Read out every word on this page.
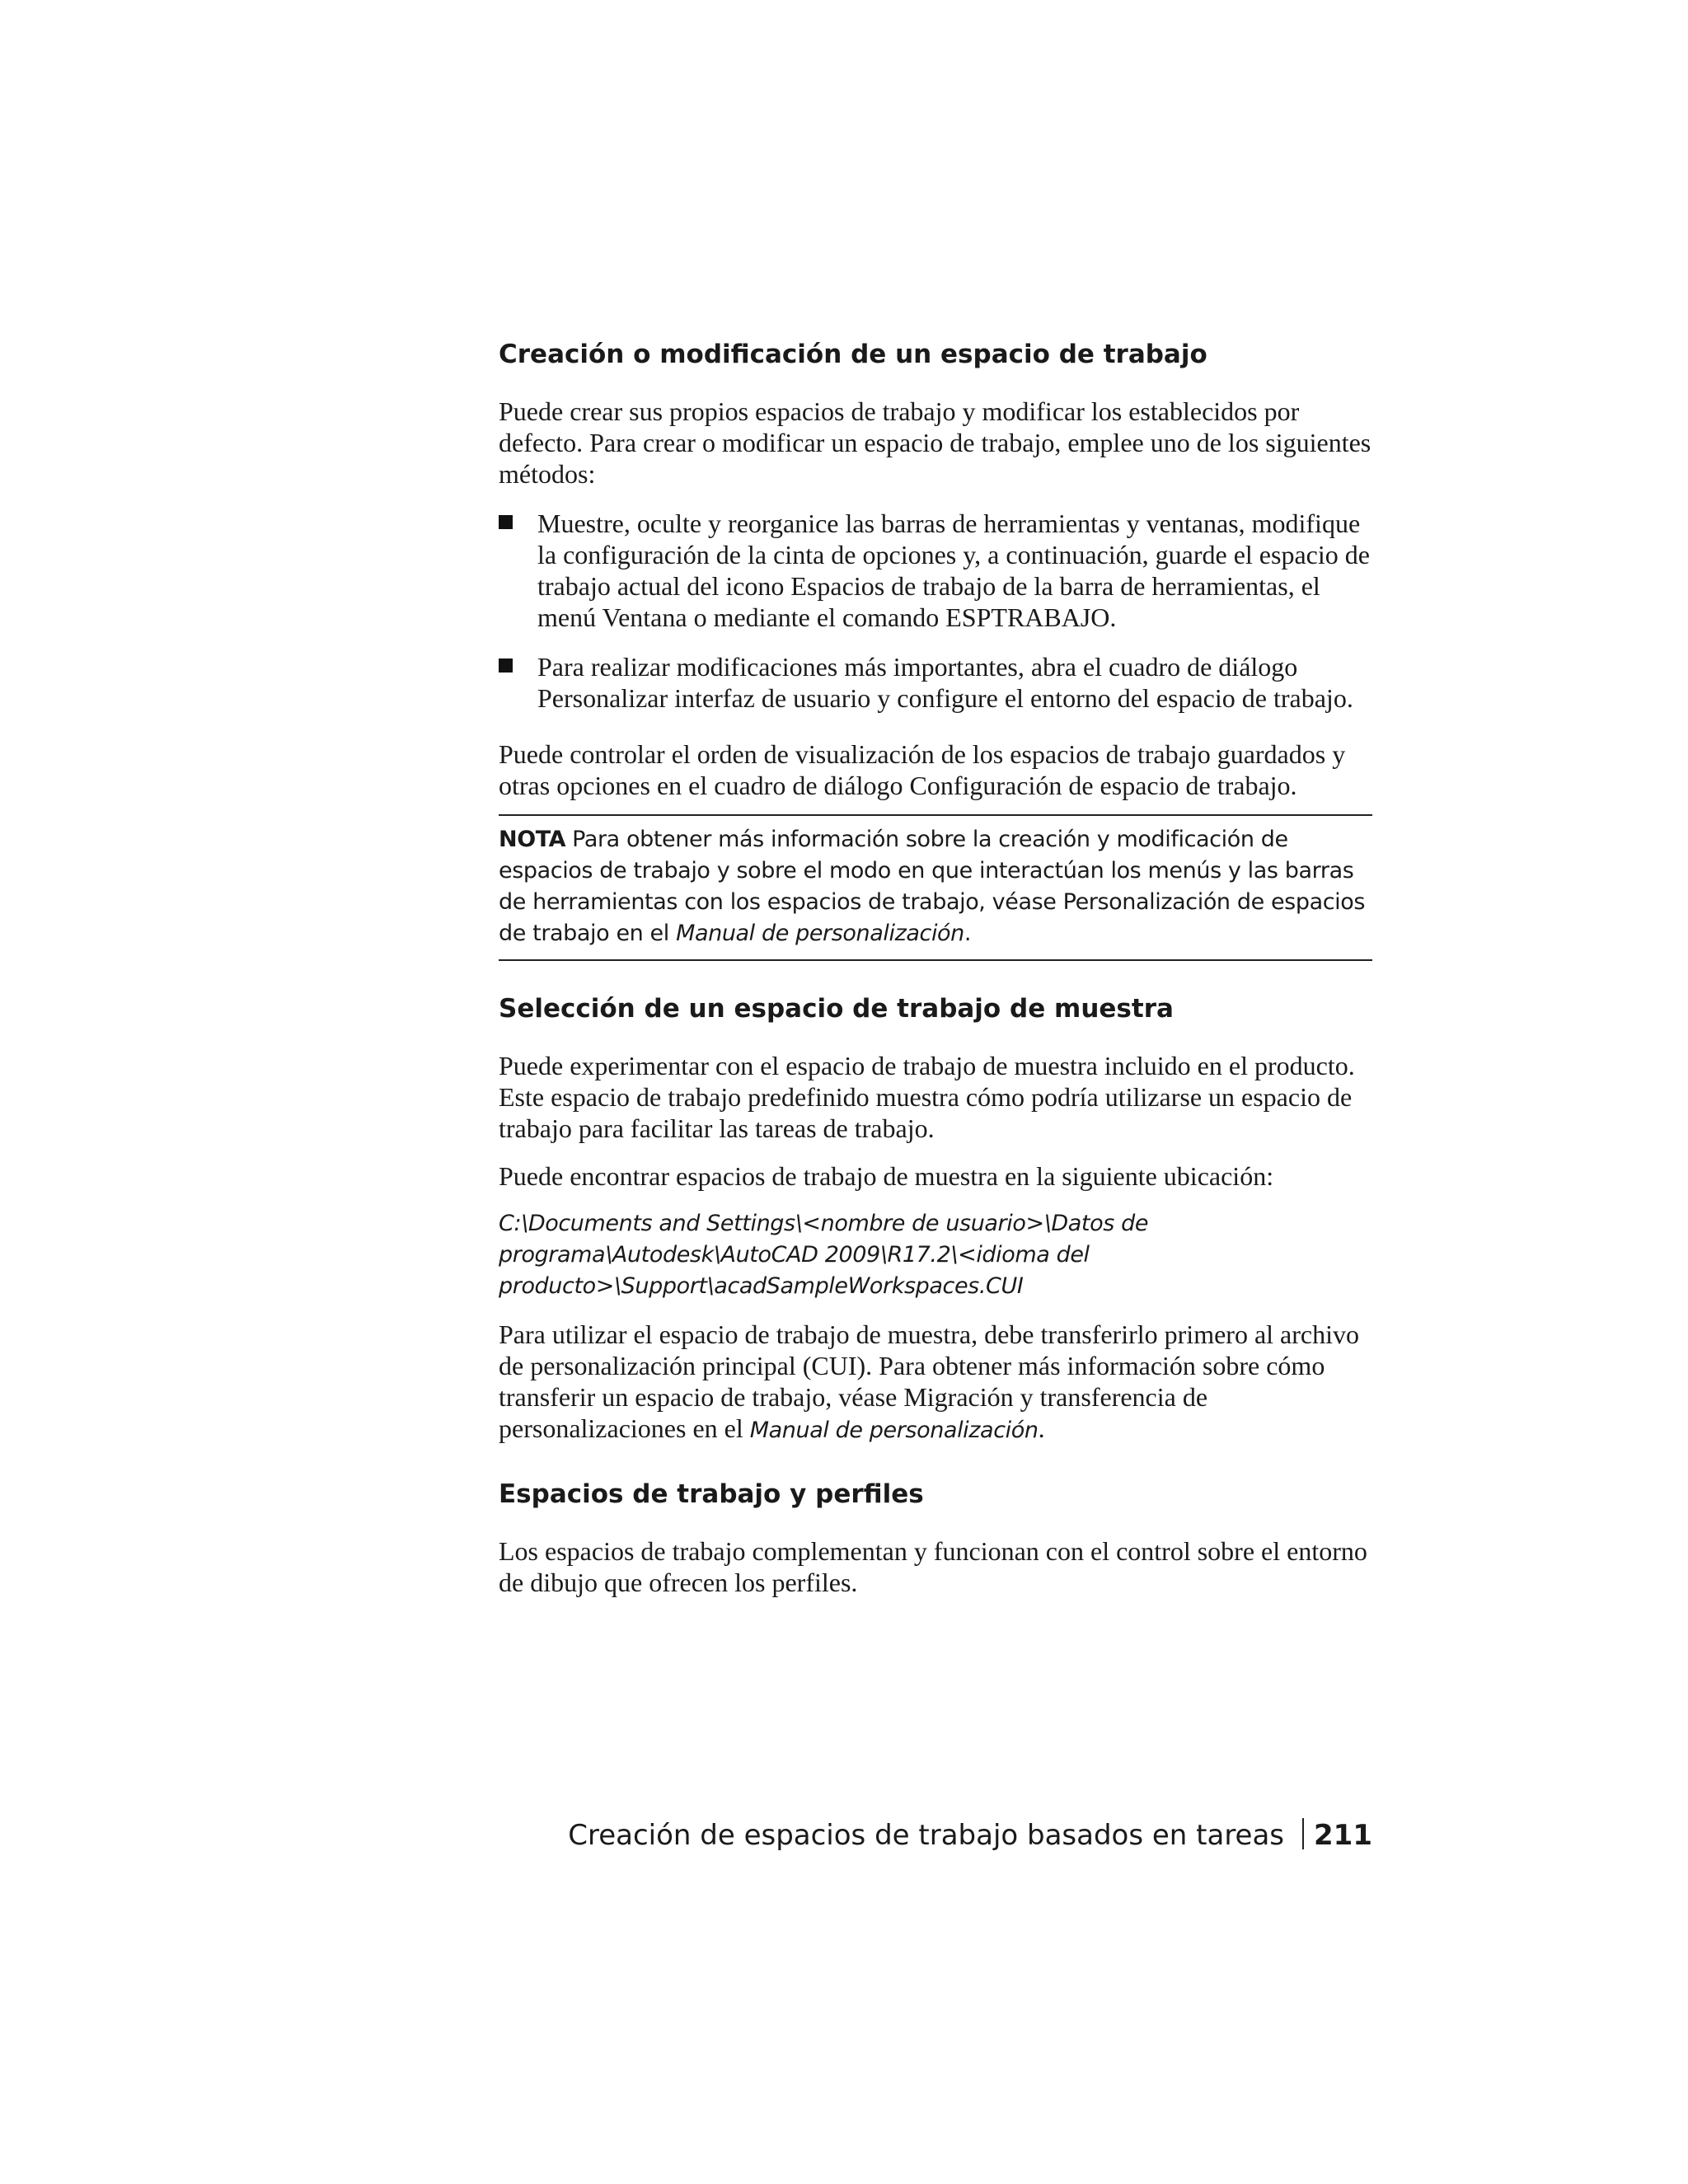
Creación o modificación de un espacio de trabajo

Puede crear sus propios espacios de trabajo y modificar los establecidos por defecto. Para crear o modificar un espacio de trabajo, emplee uno de los siguientes métodos:

Muestre, oculte y reorganice las barras de herramientas y ventanas, modifique la configuración de la cinta de opciones y, a continuación, guarde el espacio de trabajo actual del icono Espacios de trabajo de la barra de herramientas, el menú Ventana o mediante el comando ESPTRABAJO.
Para realizar modificaciones más importantes, abra el cuadro de diálogo Personalizar interfaz de usuario y configure el entorno del espacio de trabajo.

Puede controlar el orden de visualización de los espacios de trabajo guardados y otras opciones en el cuadro de diálogo Configuración de espacio de trabajo.

NOTA Para obtener más información sobre la creación y modificación de espacios de trabajo y sobre el modo en que interactúan los menús y las barras de herramientas con los espacios de trabajo, véase Personalización de espacios de trabajo en el Manual de personalización.
Selección de un espacio de trabajo de muestra

Puede experimentar con el espacio de trabajo de muestra incluido en el producto. Este espacio de trabajo predefinido muestra cómo podría utilizarse un espacio de trabajo para facilitar las tareas de trabajo.

Puede encontrar espacios de trabajo de muestra en la siguiente ubicación:

C:\Documents and Settings\<nombre de usuario>\Datos de
programa\Autodesk\AutoCAD 2009\R17.2\<idioma del
producto>\Support\acadSampleWorkspaces.CUI

Para utilizar el espacio de trabajo de muestra, debe transferirlo primero al archivo de personalización principal (CUI). Para obtener más información sobre cómo transferir un espacio de trabajo, véase Migración y transferencia de personalizaciones en el Manual de personalización.

Espacios de trabajo y perfiles

Los espacios de trabajo complementan y funcionan con el control sobre el entorno de dibujo que ofrecen los perfiles.

Creación de espacios de trabajo basados en tareas 211
